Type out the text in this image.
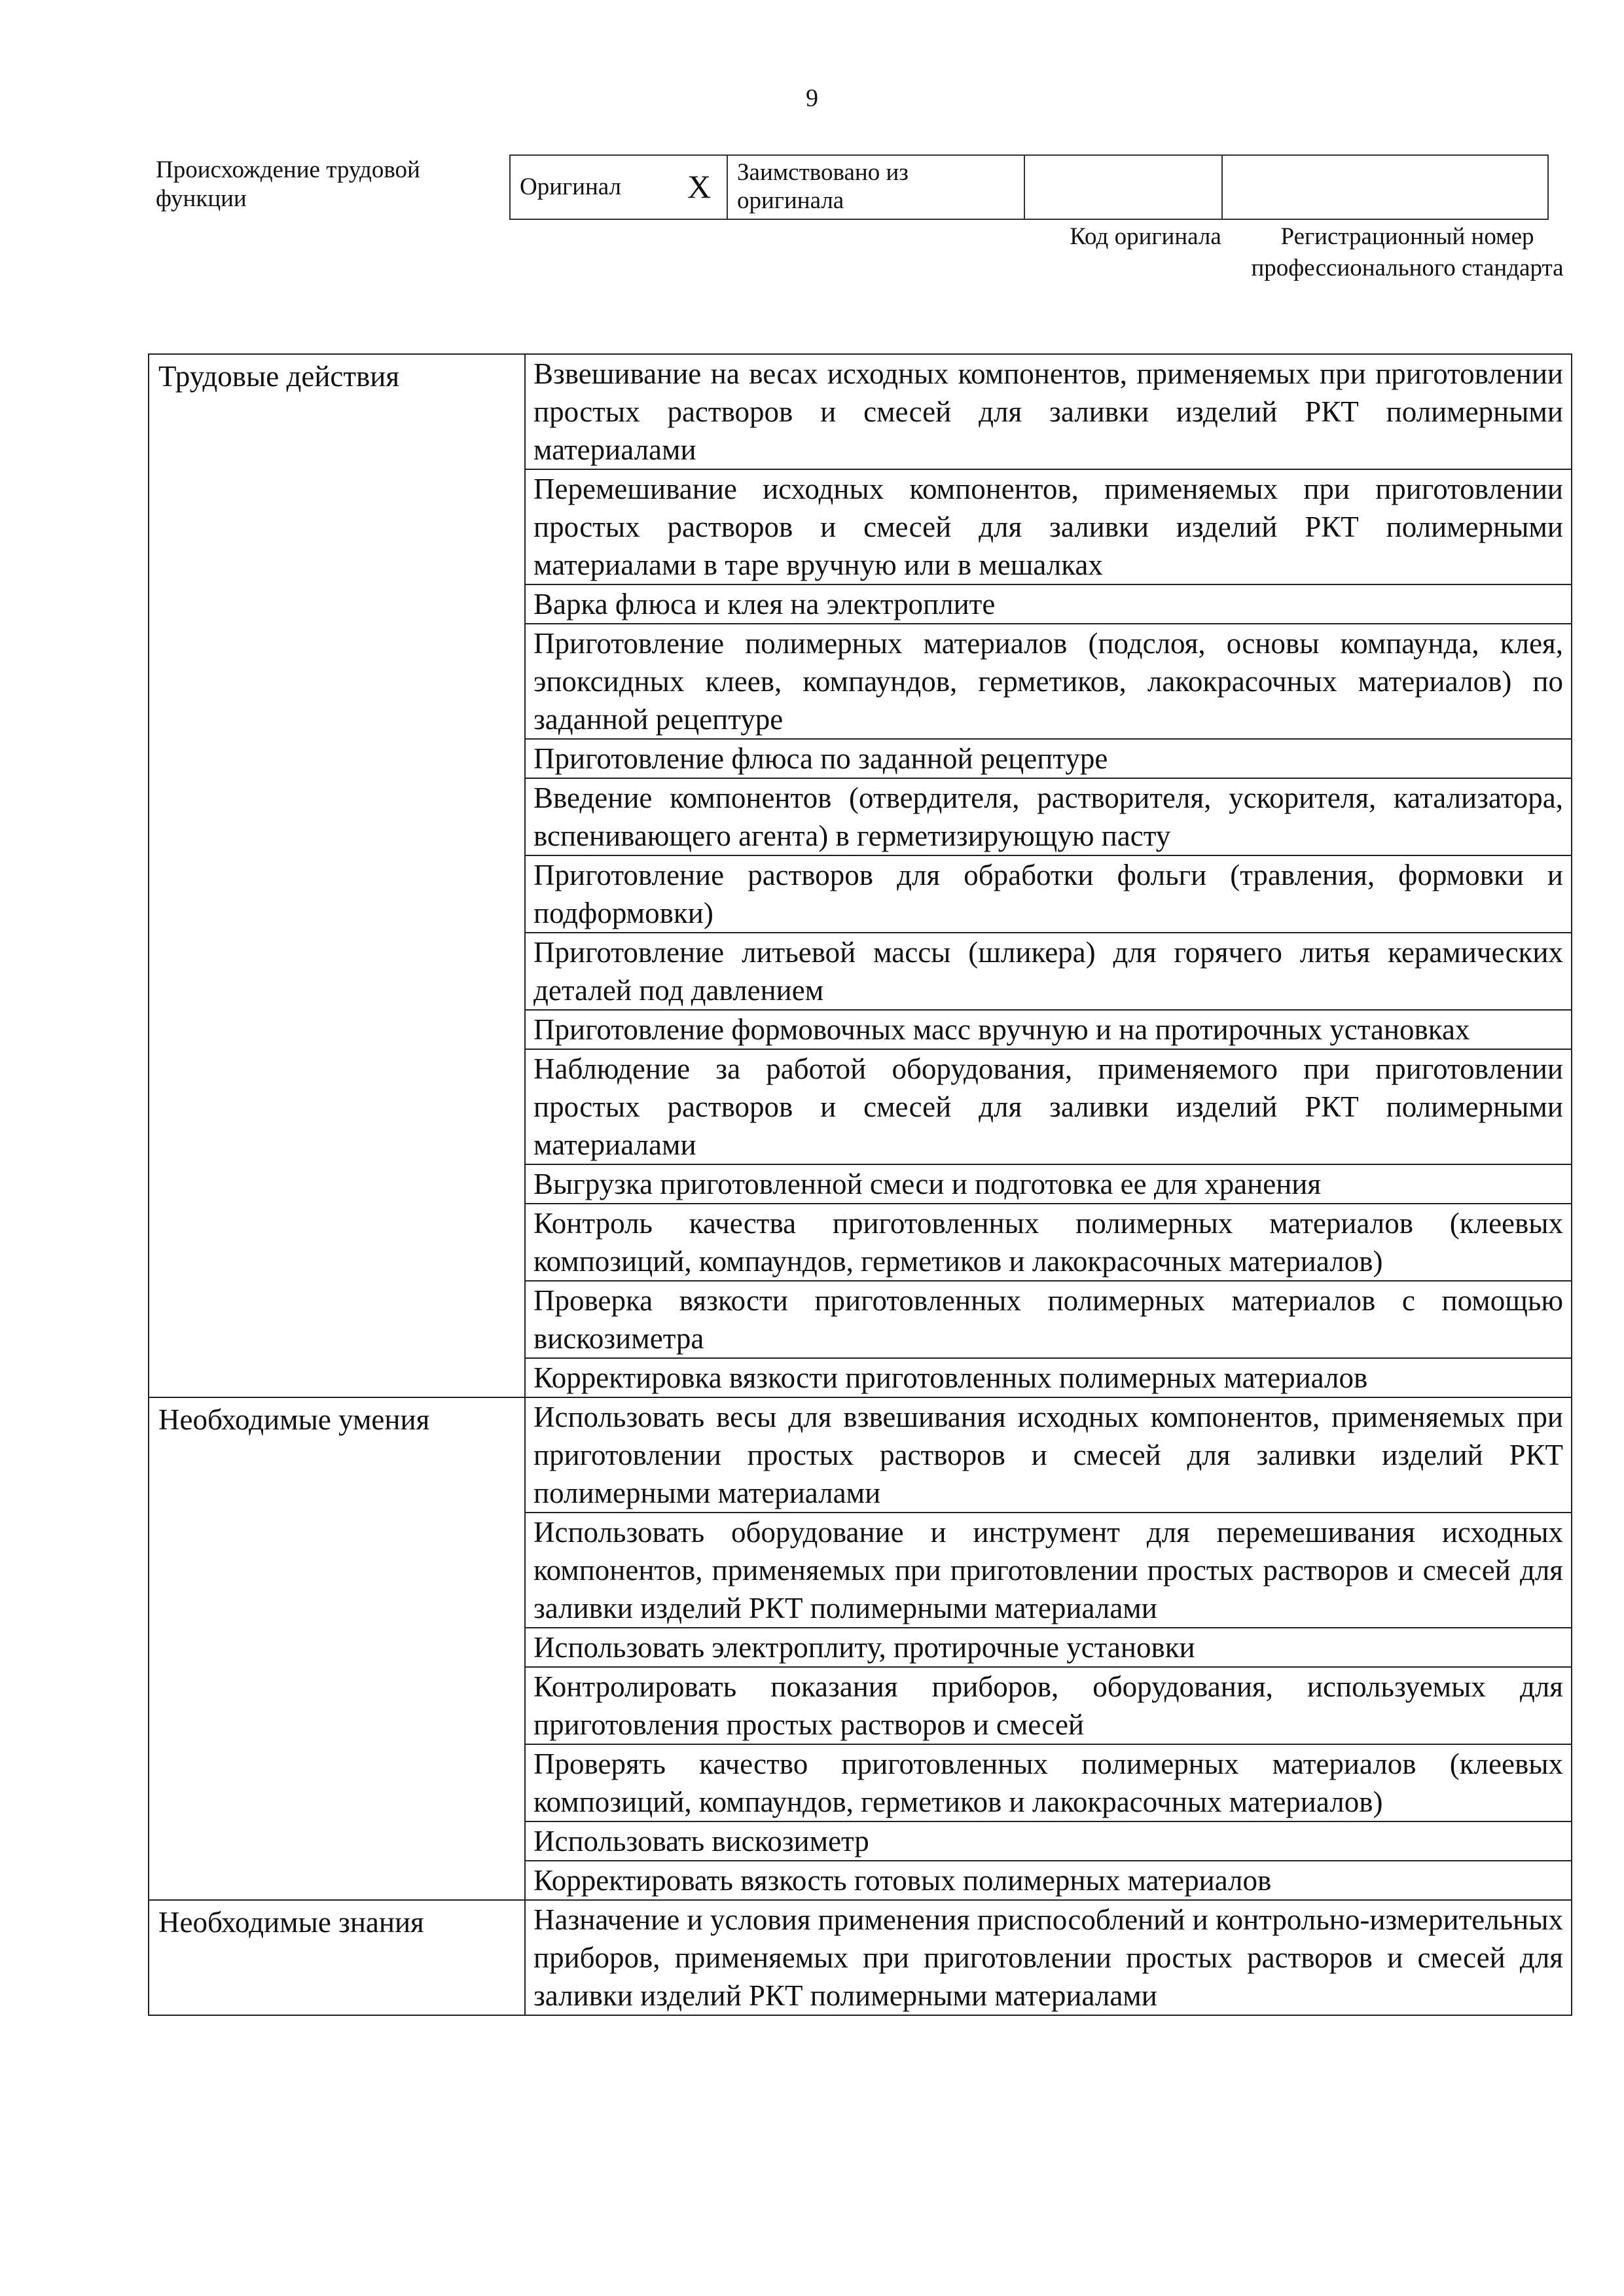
9
Происхождение трудовой функции	Оригинал	X	Заимствовано из оригинала		
Код оригинала	Регистрационный номер профессионального стандарта
Трудовые действия	Взвешивание на весах исходных компонентов, применяемых при приготовлении простых растворов и смесей для заливки изделий РКТ полимерными материалами
	Перемешивание исходных компонентов, применяемых при приготовлении простых растворов и смесей для заливки изделий РКТ полимерными материалами в таре вручную или в мешалках
	Варка флюса и клея на электроплите
	Приготовление полимерных материалов (подслоя, основы компаунда, клея, эпоксидных клеев, компаундов, герметиков, лакокрасочных материалов) по заданной рецептуре
	Приготовление флюса по заданной рецептуре
	Введение компонентов (отвердителя, растворителя, ускорителя, катализатора, вспенивающего агента) в герметизирующую пасту
	Приготовление растворов для обработки фольги (травления, формовки и подформовки)
	Приготовление литьевой массы (шликера) для горячего литья керамических деталей под давлением
	Приготовление формовочных масс вручную и на протирочных установках
	Наблюдение за работой оборудования, применяемого при приготовлении простых растворов и смесей для заливки изделий РКТ полимерными материалами
	Выгрузка приготовленной смеси и подготовка ее для хранения
	Контроль качества приготовленных полимерных материалов (клеевых композиций, компаундов, герметиков и лакокрасочных материалов)
	Проверка вязкости приготовленных полимерных материалов с помощью вискозиметра
	Корректировка вязкости приготовленных полимерных материалов
Необходимые умения	Использовать весы для взвешивания исходных компонентов, применяемых при приготовлении простых растворов и смесей для заливки изделий РКТ полимерными материалами
	Использовать оборудование и инструмент для перемешивания исходных компонентов, применяемых при приготовлении простых растворов и смесей для заливки изделий РКТ полимерными материалами
	Использовать электроплиту, протирочные установки
	Контролировать показания приборов, оборудования, используемых для приготовления простых растворов и смесей
	Проверять качество приготовленных полимерных материалов (клеевых композиций, компаундов, герметиков и лакокрасочных материалов)
	Использовать вискозиметр
	Корректировать вязкость готовых полимерных материалов
Необходимые знания	Назначение и условия применения приспособлений и контрольно-измерительных приборов, применяемых при приготовлении простых растворов и смесей для заливки изделий РКТ полимерными материалами
